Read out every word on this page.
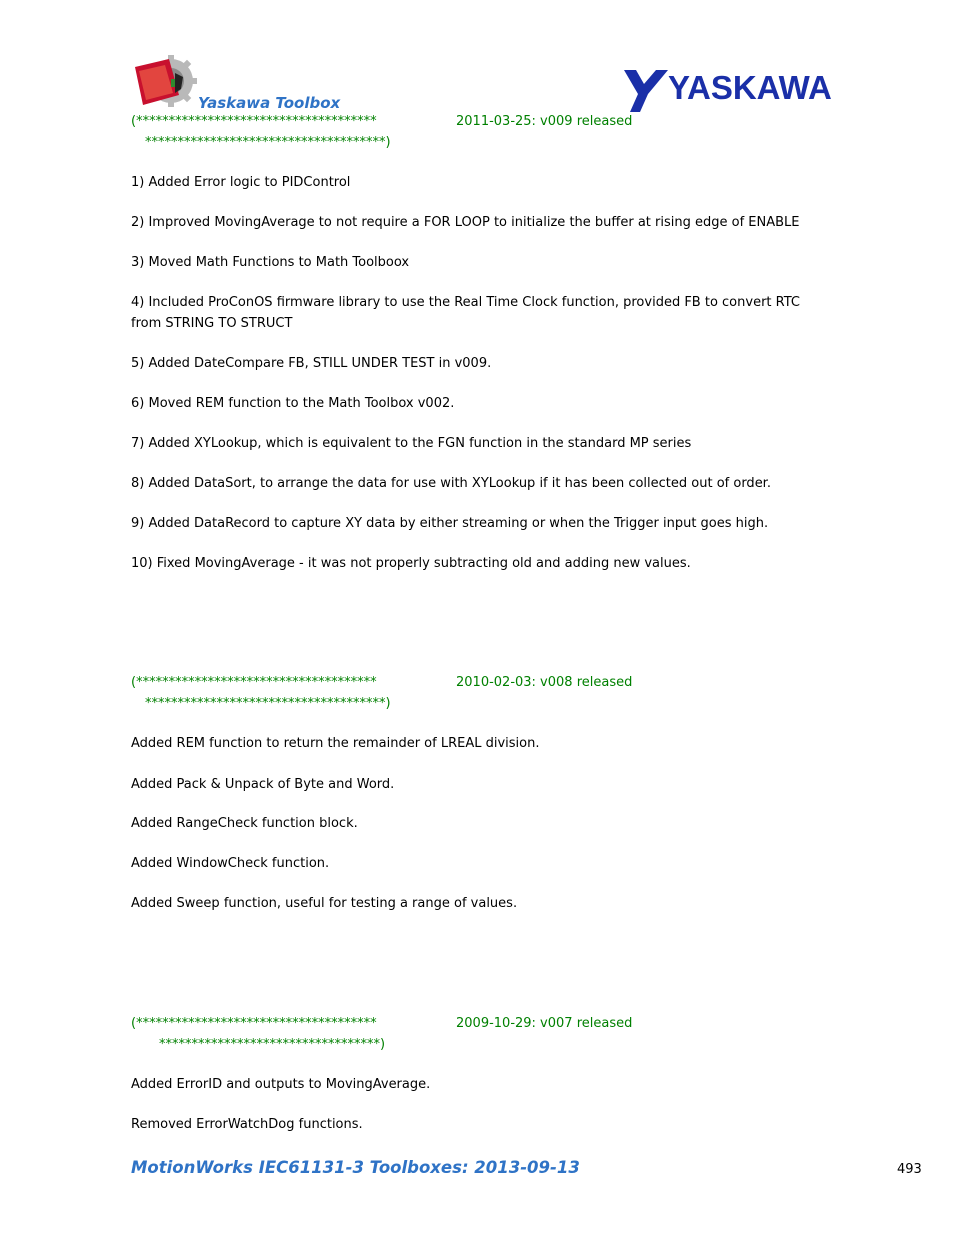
Yaskawa Toolbox	YASKAWA
(*************************************	2011-03-25: v009 released
*************************************)
1) Added Error logic to PIDControl
2) Improved MovingAverage to not require a FOR LOOP to initialize the buffer at rising edge of ENABLE
3) Moved Math Functions to Math Toolboox
4) Included ProConOS firmware library to use the Real Time Clock function, provided FB to convert RTC from STRING TO STRUCT
5) Added DateCompare FB, STILL UNDER TEST in v009.
6) Moved REM function to the Math Toolbox v002.
7) Added XYLookup, which is equivalent to the FGN function in the standard MP series
8) Added DataSort, to arrange the data for use with XYLookup if it has been collected out of order.
9) Added DataRecord to capture XY data by either streaming or when the Trigger input goes high.
10) Fixed MovingAverage - it was not properly subtracting old and adding new values.
(*************************************	2010-02-03: v008 released
*************************************)
Added REM function to return the remainder of LREAL division.
Added Pack & Unpack of Byte and Word.
Added RangeCheck function block.
Added WindowCheck function.
Added Sweep function, useful for testing a range of values.
(*************************************	2009-10-29: v007 released
**********************************)
Added ErrorID and outputs to MovingAverage.
Removed ErrorWatchDog functions.
MotionWorks IEC61131-3 Toolboxes: 2013-09-13	493
